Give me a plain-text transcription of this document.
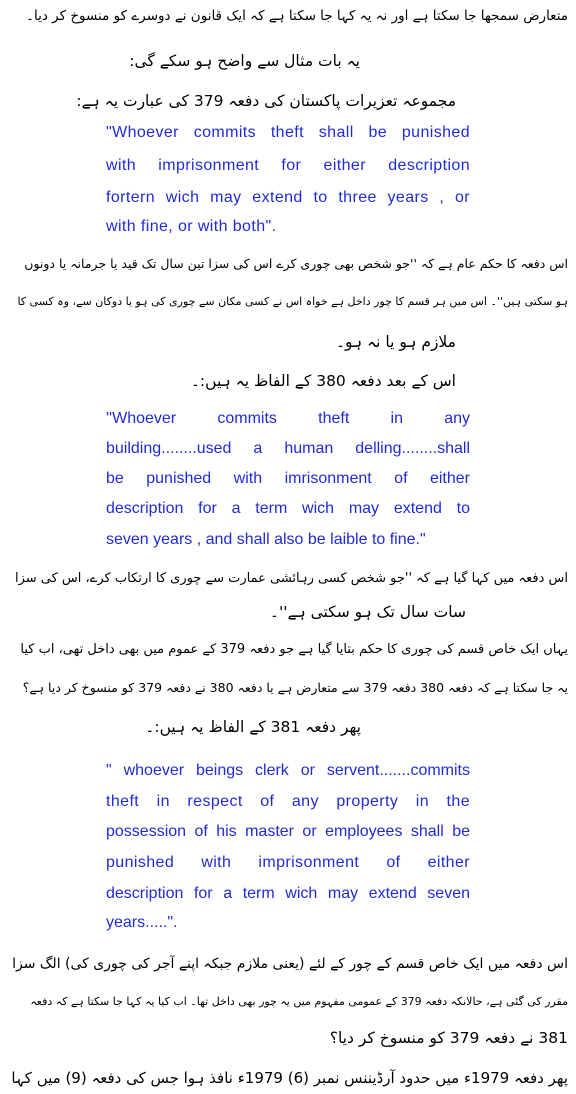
متعارض سمجھا جا سکتا ہے اور نہ یہ کہا جا سکتا ہے کہ ایک قانون نے دوسرے کو منسوخ کر دیا۔
یہ بات مثال سے واضح ہو سکے گی:
مجموعہ تعزیرات پاکستان کی دفعہ 379 کی عبارت یہ ہے:
"Whoever commits theft shall be punished
with imprisonment for either description
fortern wich may extend to three years , or
with fine, or with both".
اس دفعہ کا حکم عام ہے کہ ''جو شخص بھی چوری کرے اس کی سزا تین سال تک قید یا جرمانہ یا دونوں
ہو سکتی ہیں''۔ اس میں ہر قسم کا چور داخل ہے خواہ اس نے کسی مکان سے چوری کی ہو یا دوکان سے، وہ کسی کا
ملازم ہو یا نہ ہو۔
اس کے بعد دفعہ 380 کے الفاظ یہ ہیں:۔
''Whoever commits theft in any
building........used a human delling........shall
be punished with imrisonment of either
description for a term wich may extend to
seven years , and shall also be laible to fine."
اس دفعہ میں کہا گیا ہے کہ ''جو شخص کسی رہائشی عمارت سے چوری کا ارتکاب کرے، اس کی سزا
سات سال تک ہو سکتی ہے''۔
یہاں ایک خاص قسم کی چوری کا حکم بتایا گیا ہے جو دفعہ 379 کے عموم میں بھی داخل تھی، اب کیا
یہ جا سکتا ہے کہ دفعہ 380 دفعہ 379 سے متعارض ہے یا دفعہ 380 نے دفعہ 379 کو منسوخ کر دیا ہے؟
پھر دفعہ 381 کے الفاظ یہ ہیں:۔
" whoever beings clerk or servent.......commits
theft in respect of any property in the
possession of his master or employees shall be
punished with imprisonment of either
description for a term wich may extend seven
years.....".
اس دفعہ میں ایک خاص قسم کے چور کے لئے (یعنی ملازم جبکہ اپنے آجر کی چوری کی) الگ سزا
مقرر کی گئی ہے، حالانکہ دفعہ 379 کے عمومی مفہوم میں یہ چور بھی داخل تھا۔ اب کیا یہ کہا جا سکتا ہے کہ دفعہ
381 نے دفعہ 379 کو منسوخ کر دیا؟
پھر دفعہ 1979ء میں حدود آرڈیننس نمبر (6) 1979ء نافذ ہوا جس کی دفعہ (9) میں کہا
